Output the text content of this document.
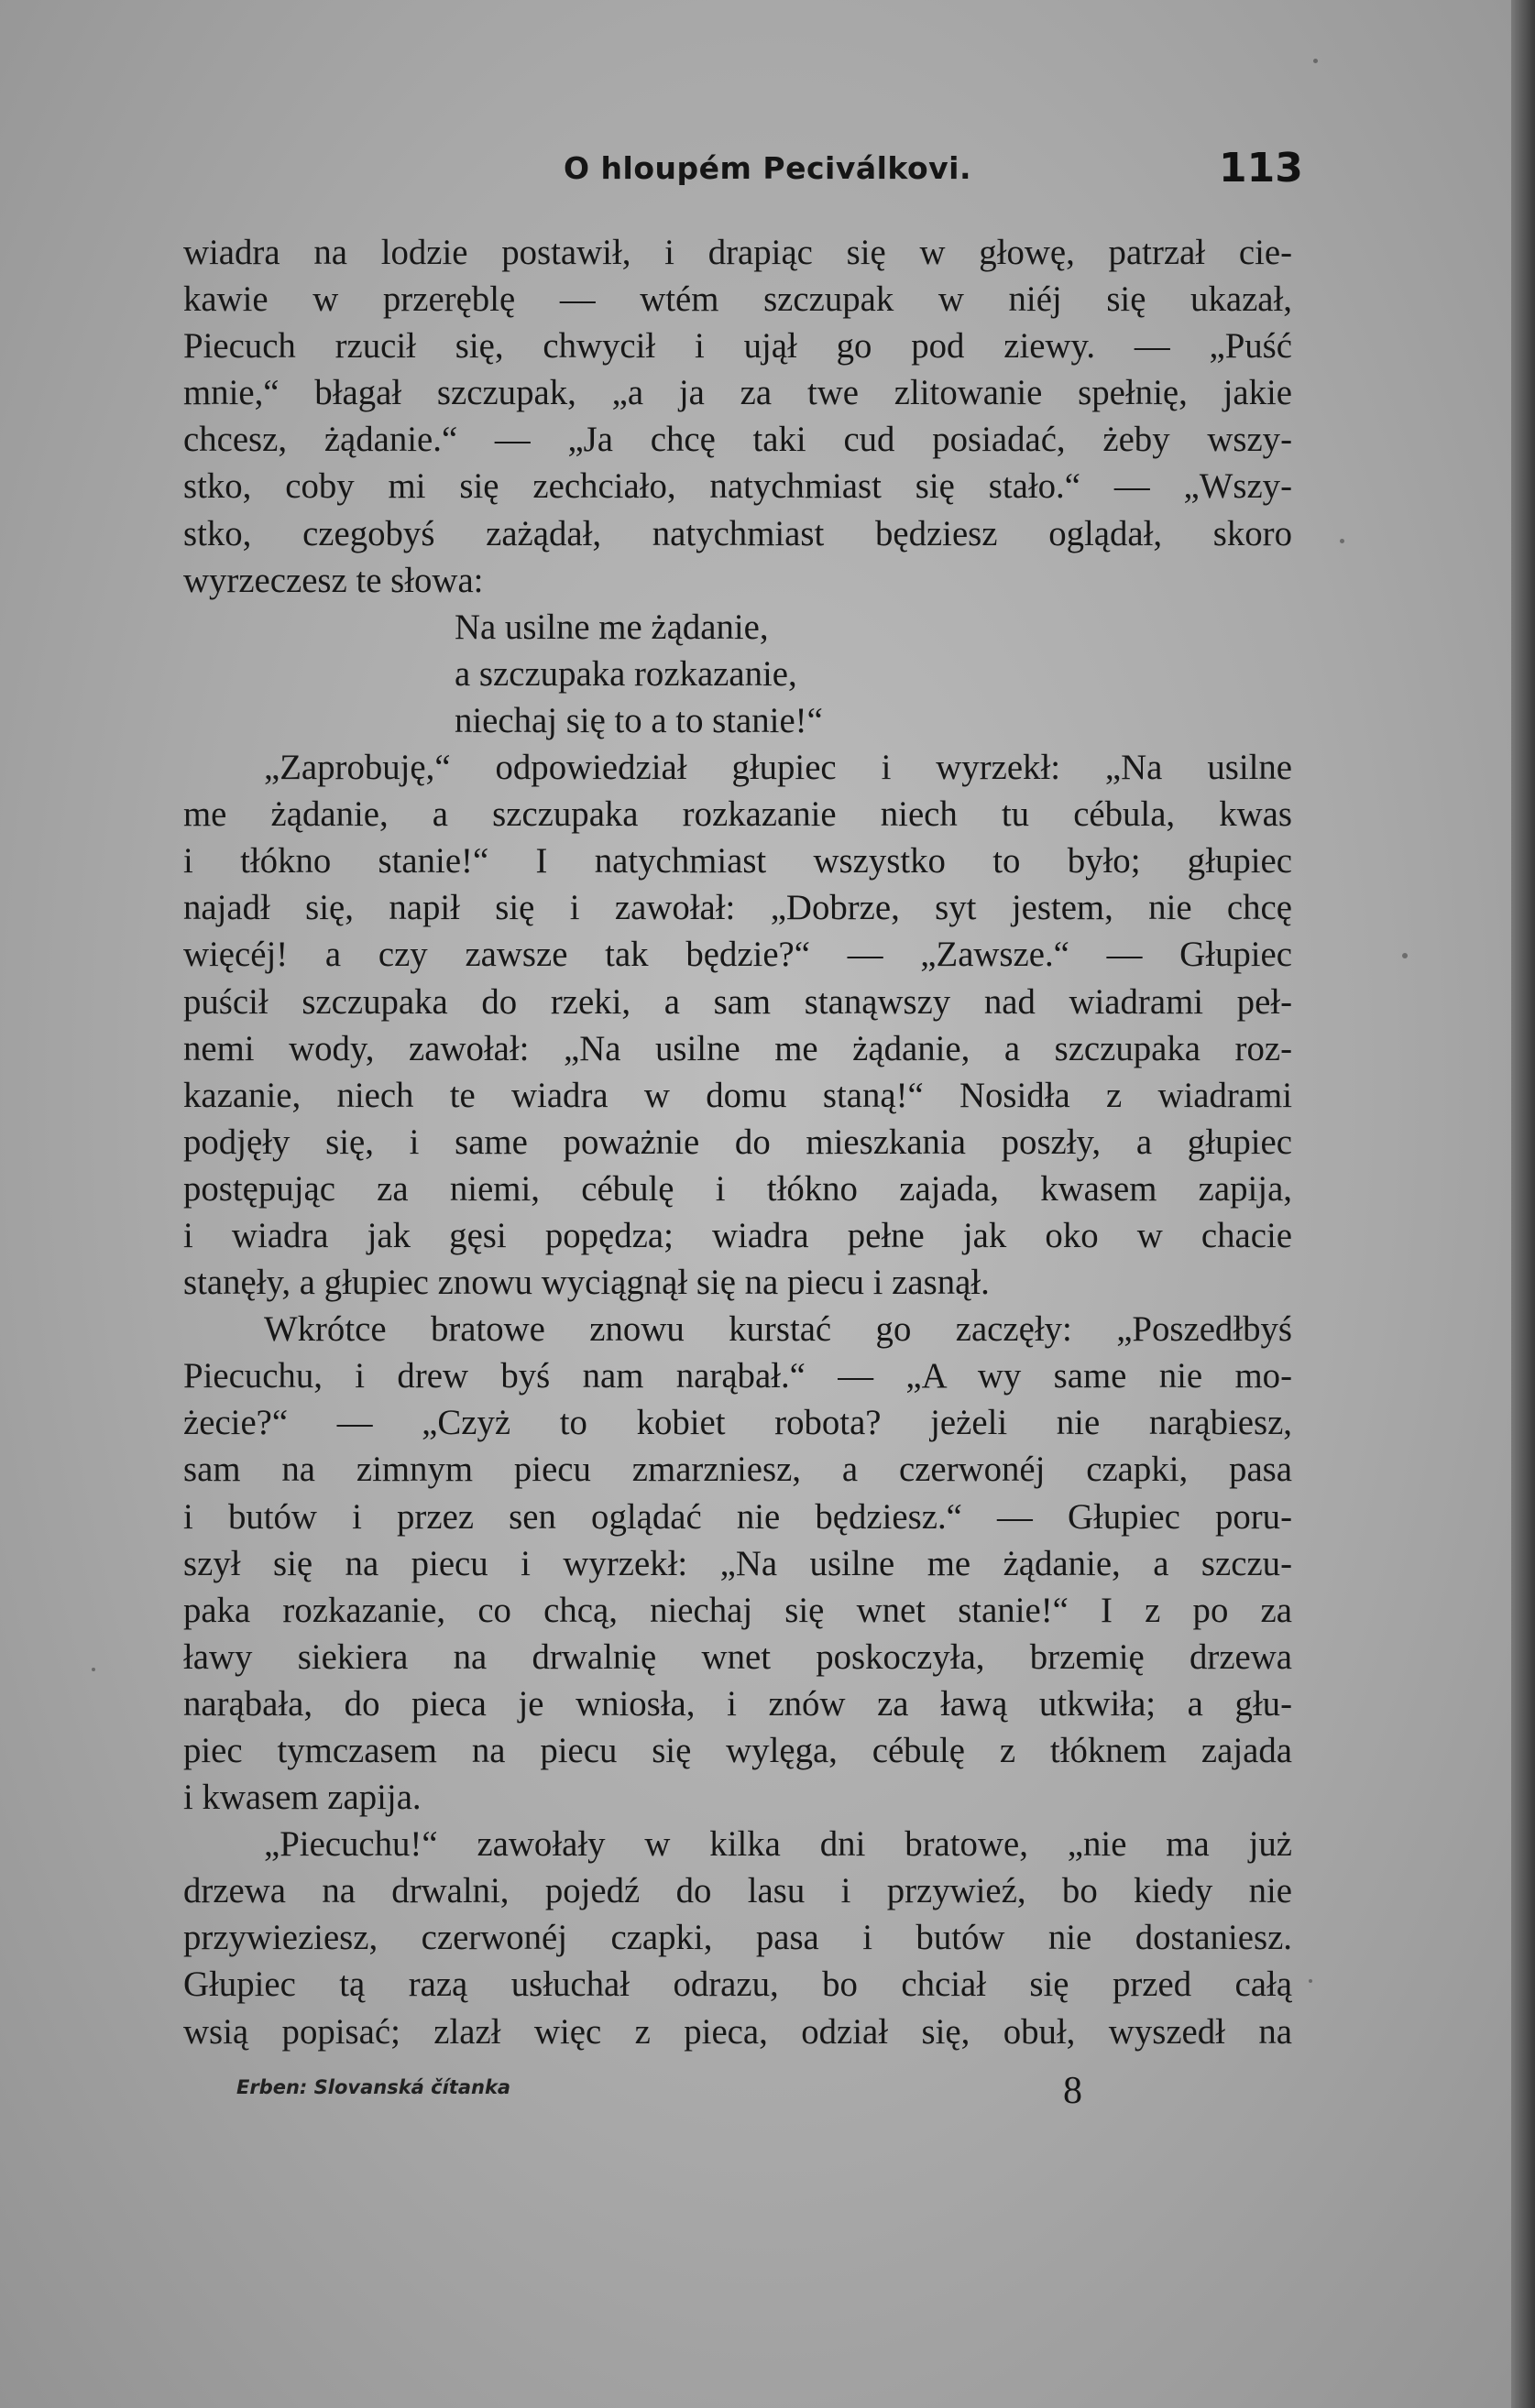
O hloupém Peciválkovi.	113
wiadra na lodzie postawił, i drapiąc się w głowę, patrzał cie-
kawie w przeręblę — wtém szczupak w niéj się ukazał,
Piecuch rzucił się, chwycił i ujął go pod ziewy. — „Puść
mnie,“ błagał szczupak, „a ja za twe zlitowanie spełnię, jakie
chcesz, żądanie.“ — „Ja chcę taki cud posiadać, żeby wszy-
stko, coby mi się zechciało, natychmiast się stało.“ — „Wszy-
stko, czegobyś zażądał, natychmiast będziesz oglądał, skoro
wyrzeczesz te słowa:
Na usilne me żądanie,
a szczupaka rozkazanie,
niechaj się to a to stanie!“
„Zaprobuję,“ odpowiedział głupiec i wyrzekł: „Na usilne
me żądanie, a szczupaka rozkazanie niech tu cébula, kwas
i tłókno stanie!“ I natychmiast wszystko to było; głupiec
najadł się, napił się i zawołał: „Dobrze, syt jestem, nie chcę
więcéj! a czy zawsze tak będzie?“ — „Zawsze.“ — Głupiec
puścił szczupaka do rzeki, a sam stanąwszy nad wiadrami peł-
nemi wody, zawołał: „Na usilne me żądanie, a szczupaka roz-
kazanie, niech te wiadra w domu staną!“ Nosidła z wiadrami
podjęły się, i same poważnie do mieszkania poszły, a głupiec
postępując za niemi, cébulę i tłókno zajada, kwasem zapija,
i wiadra jak gęsi popędza; wiadra pełne jak oko w chacie
stanęły, a głupiec znowu wyciągnął się na piecu i zasnął.
Wkrótce bratowe znowu kurstać go zaczęły: „Poszedłbyś
Piecuchu, i drew byś nam narąbał.“ — „A wy same nie mo-
żecie?“ — „Czyż to kobiet robota? jeżeli nie narąbiesz,
sam na zimnym piecu zmarzniesz, a czerwonéj czapki, pasa
i butów i przez sen oglądać nie będziesz.“ — Głupiec poru-
szył się na piecu i wyrzekł: „Na usilne me żądanie, a szczu-
paka rozkazanie, co chcą, niechaj się wnet stanie!“ I z po za
ławy siekiera na drwalnię wnet poskoczyła, brzemię drzewa
narąbała, do pieca je wniosła, i znów za ławą utkwiła; a głu-
piec tymczasem na piecu się wylęga, cébulę z tłóknem zajada
i kwasem zapija.
„Piecuchu!“ zawołały w kilka dni bratowe, „nie ma już
drzewa na drwalni, pojedź do lasu i przywieź, bo kiedy nie
przywieziesz, czerwonéj czapki, pasa i butów nie dostaniesz.
Głupiec tą razą usłuchał odrazu, bo chciał się przed całą
wsią popisać; zlazł więc z pieca, odział się, obuł, wyszedł na
Erben: Slovanská čítanka	8
